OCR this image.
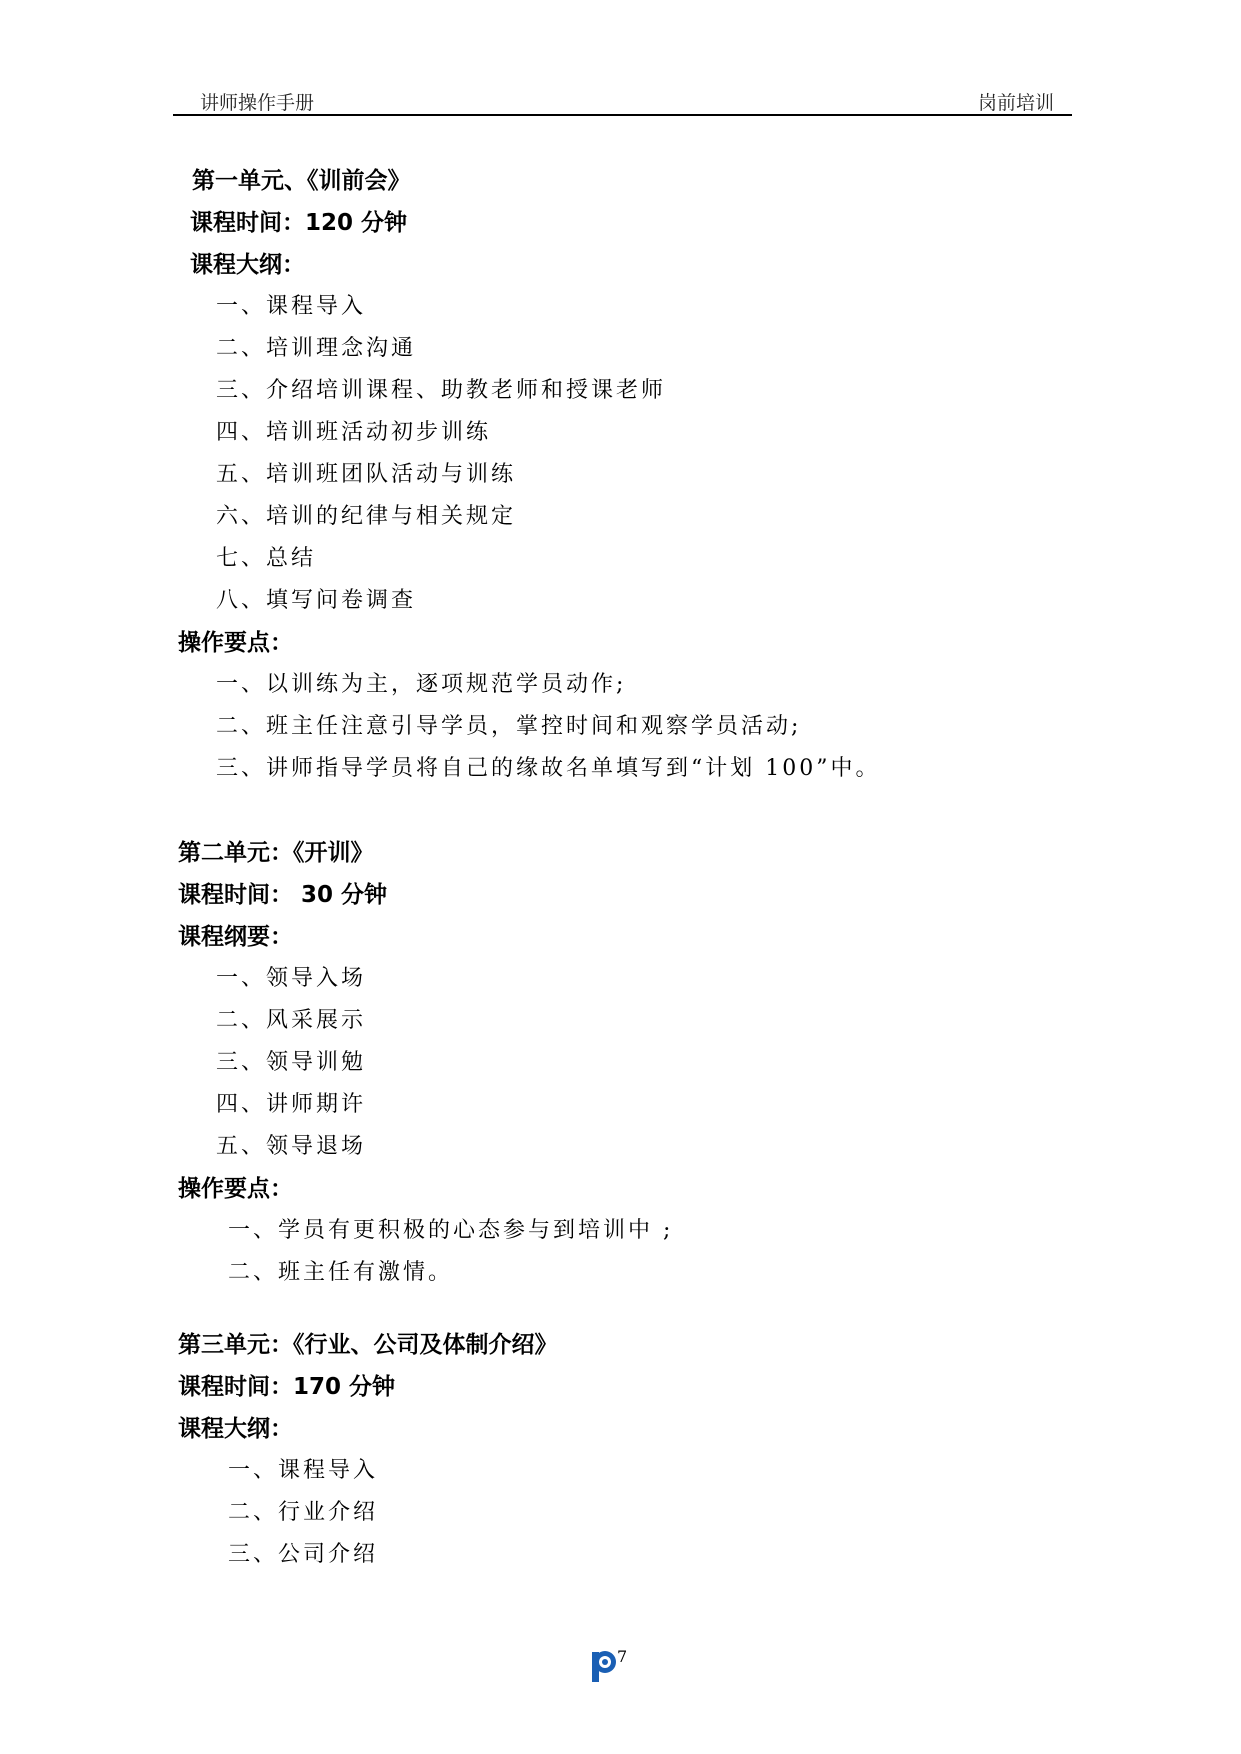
讲师操作手册	岗前培训
第一单元、《训前会》
课程时间：120 分钟
课程大纲：
一、课程导入
二、培训理念沟通
三、介绍培训课程、助教老师和授课老师
四、培训班活动初步训练
五、培训班团队活动与训练
六、培训的纪律与相关规定
七、总结
八、填写问卷调查
操作要点：
一、以训练为主，逐项规范学员动作;
二、班主任注意引导学员，掌控时间和观察学员活动;
三、讲师指导学员将自己的缘故名单填写到“计划 100”中。
第二单元：《开训》
课程时间： 30 分钟
课程纲要：
一、领导入场
二、风采展示
三、领导训勉
四、讲师期许
五、领导退场
操作要点：
一、学员有更积极的心态参与到培训中 ;
二、班主任有激情。
第三单元：《行业、公司及体制介绍》
课程时间：170 分钟
课程大纲：
一、课程导入
二、行业介绍
三、公司介绍
7
